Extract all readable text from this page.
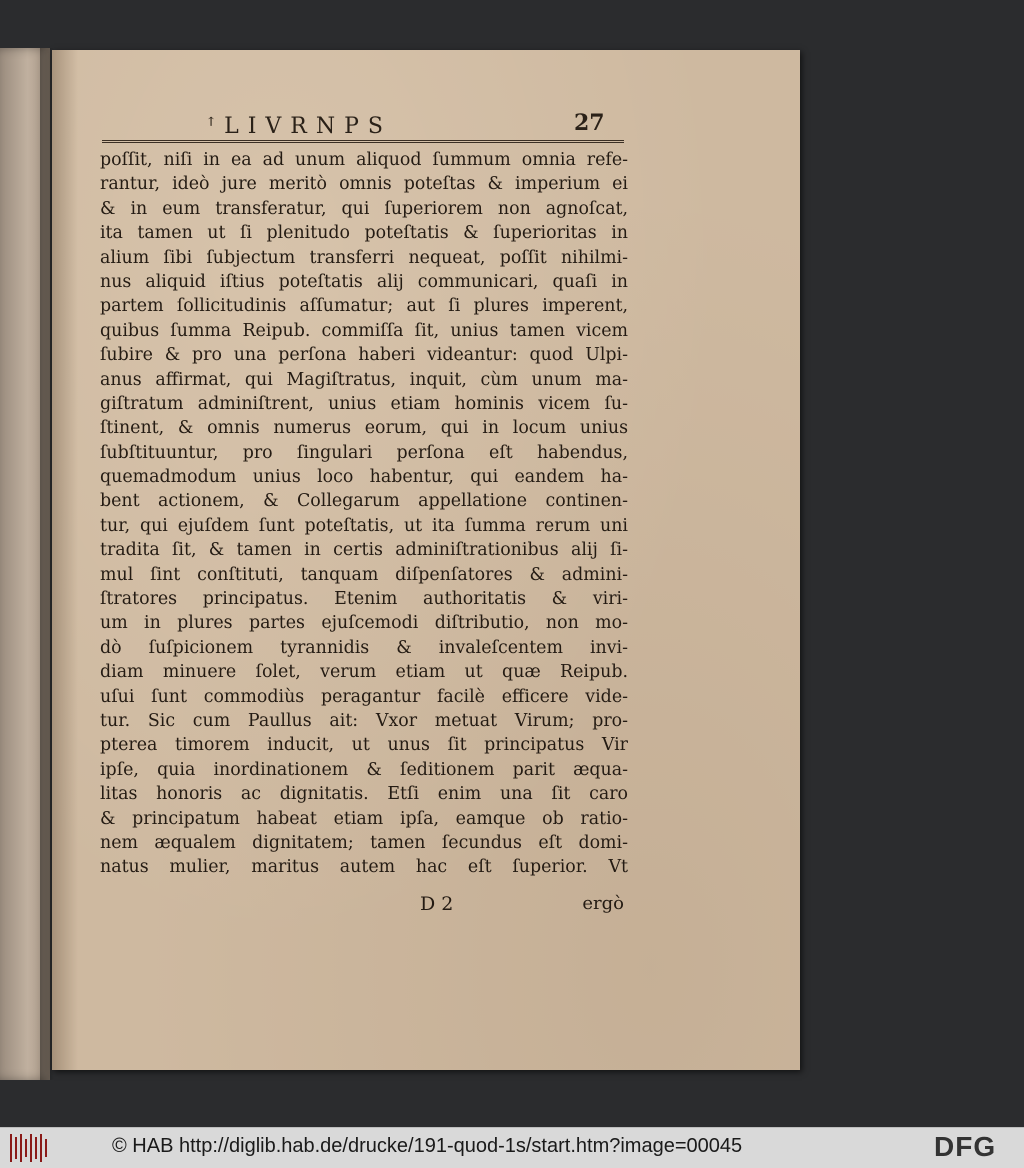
ꜛLIVRNPS	27
poſſit, niſi in ea ad unum aliquod ſummum omnia refe-
rantur, ideò jure meritò omnis poteſtas & imperium ei
& in eum transferatur, qui ſuperiorem non agnoſcat,
ita tamen ut ſi plenitudo poteſtatis & ſuperioritas in
alium ſibi ſubjectum transferri nequeat, poſſit nihilmi-
nus aliquid iſtius poteſtatis alij communicari, quaſi in
partem ſollicitudinis aſſumatur; aut ſi plures imperent,
quibus ſumma Reipub. commiſſa ſit, unius tamen vicem
ſubire & pro una perſona haberi videantur: quod Ulpi-
anus affirmat, qui Magiſtratus, inquit, cùm unum ma-
giſtratum adminiſtrent, unius etiam hominis vicem ſu-
ſtinent, & omnis numerus eorum, qui in locum unius
ſubſtituuntur, pro ſingulari perſona eſt habendus,
quemadmodum unius loco habentur, qui eandem ha-
bent actionem, & Collegarum appellatione continen-
tur, qui ejuſdem ſunt poteſtatis, ut ita ſumma rerum uni
tradita ſit, & tamen in certis adminiſtrationibus alij ſi-
mul ſint conſtituti, tanquam diſpenſatores & admini-
ſtratores principatus. Etenim authoritatis & viri-
um in plures partes ejuſcemodi diſtributio, non mo-
dò ſuſpicionem tyrannidis & invaleſcentem invi-
diam minuere ſolet, verum etiam ut quæ Reipub.
uſui ſunt commodiùs peragantur facilè efficere vide-
tur. Sic cum Paullus ait: Vxor metuat Virum; pro-
pterea timorem inducit, ut unus ſit principatus Vir
ipſe, quia inordinationem & ſeditionem parit æqua-
litas honoris ac dignitatis. Etſi enim una ſit caro
& principatum habeat etiam ipſa, eamque ob ratio-
nem æqualem dignitatem; tamen ſecundus eſt domi-
natus mulier, maritus autem hac eſt ſuperior. Vt
D 2	ergò
© HAB http://diglib.hab.de/drucke/191-quod-1s/start.htm?image=00045	DFG
